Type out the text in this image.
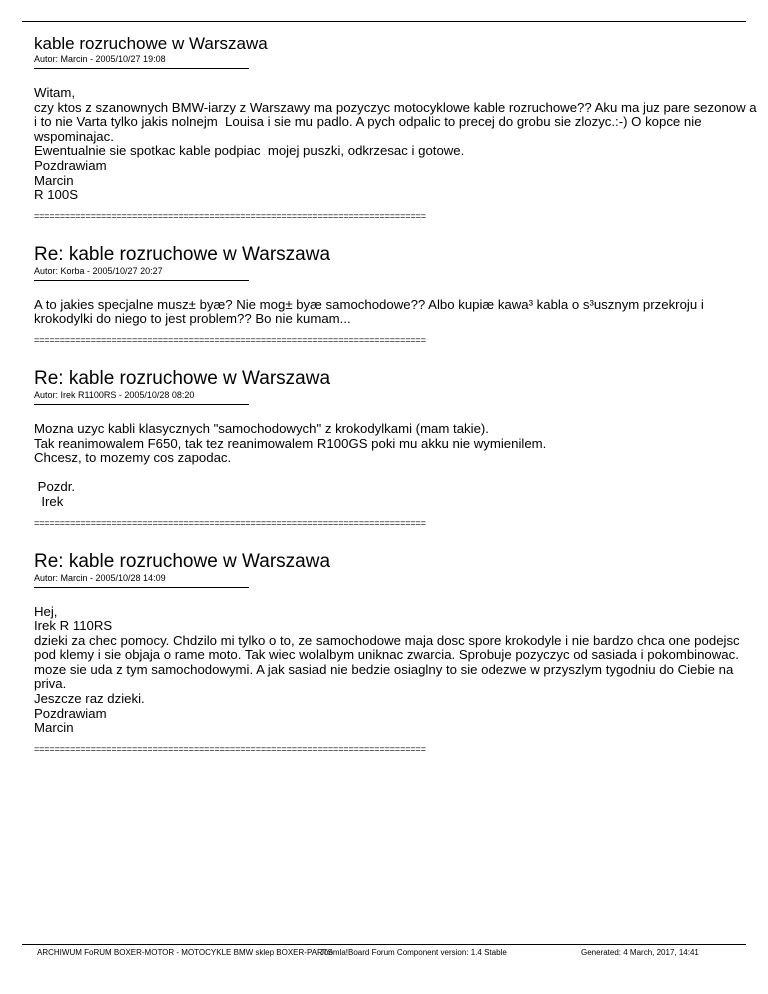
kable rozruchowe w Warszawa
Autor: Marcin - 2005/10/27 19:08
Witam,
czy ktos z szanownych BMW-iarzy z Warszawy ma pozyczyc motocyklowe kable rozruchowe?? Aku ma juz pare sezonow a i to nie Varta tylko jakis nolnejm  Louisa i sie mu padlo. A pych odpalic to precej do grobu sie zlozyc.:-) O kopce nie wspominajac.
Ewentualnie sie spotkac kable podpiac  mojej puszki, odkrzesac i gotowe.
Pozdrawiam
Marcin
R 100S
============================================================================
Re: kable rozruchowe w Warszawa
Autor: Korba - 2005/10/27 20:27
A to jakies specjalne musz± byæ? Nie mog± byæ samochodowe?? Albo kupiæ kawa³ kabla o s³usznym przekroju i krokodylki do niego to jest problem?? Bo nie kumam...
============================================================================
Re: kable rozruchowe w Warszawa
Autor: Irek R1100RS - 2005/10/28 08:20
Mozna uzyc kabli klasycznych "samochodowych" z krokodylkami (mam takie).
Tak reanimowalem F650, tak tez reanimowalem R100GS poki mu akku nie wymienilem.
Chcesz, to mozemy cos zapodac.

Pozdr.
Irek
============================================================================
Re: kable rozruchowe w Warszawa
Autor: Marcin - 2005/10/28 14:09
Hej,
Irek R 110RS
dzieki za chec pomocy. Chdzilo mi tylko o to, ze samochodowe maja dosc spore krokodyle i nie bardzo chca one podejsc pod klemy i sie objaja o rame moto. Tak wiec wolalbym uniknac zwarcia. Sprobuje pozyczyc od sasiada i pokombinowac. moze sie uda z tym samochodowymi. A jak sasiad nie bedzie osiaglny to sie odezwe w przyszlym tygodniu do Ciebie na priva.
Jeszcze raz dzieki.
Pozdrawiam
Marcin
============================================================================
ARCHIWUM FoRUM BOXER-MOTOR - MOTOCYKLE BMW sklep BOXER-PARTS
Joomla!Board Forum Component version: 1.4 Stable	Generated: 4 March, 2017, 14:41
